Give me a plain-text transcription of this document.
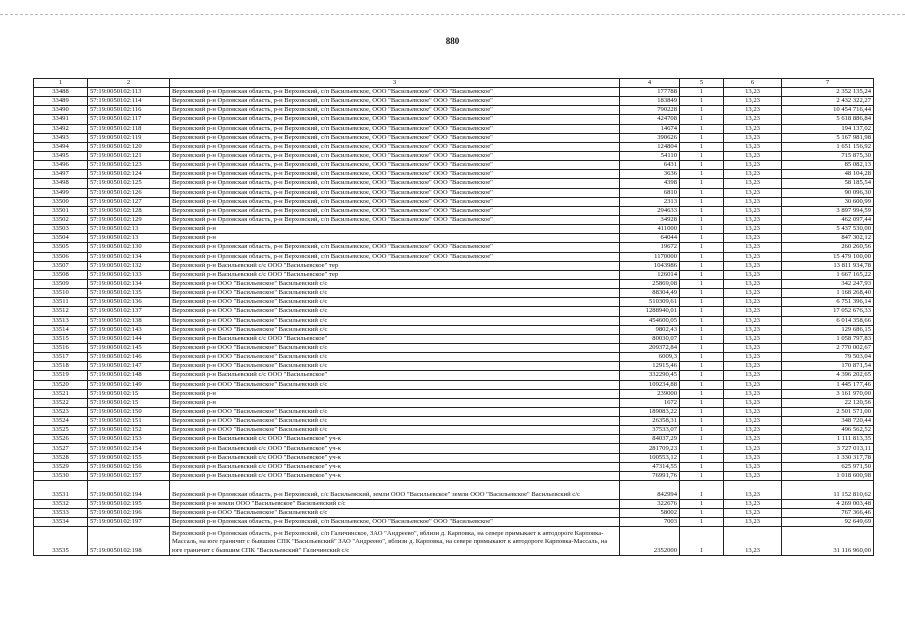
880
1	2	3	4	5	6	7
33488	57:19:0050102:113	Верховский р-н Орловская область, р-н Верховский, с/п Васильевское, ООО "Васильевское" ООО "Васильевское"	177788	1	13,23	2 352 135,24
33489	57:19:0050102:114	Верховский р-н Орловская область, р-н Верховский, с/п Васильевское, ООО "Васильевское" ООО "Васильевское"	183849	1	13,23	2 432 322,27
33490	57:19:0050102:116	Верховский р-н Орловская область, р-н Верховский, с/п Васильевское, ООО "Васильевское" ООО "Васильевское"	790228	1	13,23	10 454 716,44
33491	57:19:0050102:117	Верховский р-н Орловская область, р-н Верховский, с/п Васильевское, ООО "Васильевское" ООО "Васильевское"	424708	1	13,23	5 618 886,84
33492	57:19:0050102:118	Верховский р-н Орловская область, р-н Верховский, с/п Васильевское, ООО "Васильевское" ООО "Васильевское"	14674	1	13,23	194 137,02
33493	57:19:0050102:119	Верховский р-н Орловская область, р-н Верховский, с/п Васильевское, ООО "Васильевское" ООО "Васильевское"	390626	1	13,23	5 167 981,98
33494	57:19:0050102:120	Верховский р-н Орловская область, р-н Верховский, с/п Васильевское, ООО "Васильевское" ООО "Васильевское"	124804	1	13,23	1 651 156,92
33495	57:19:0050102:121	Верховский р-н Орловская область, р-н Верховский, с/п Васильевское, ООО "Васильевское" ООО "Васильевское"	54110	1	13,23	715 875,30
33496	57:19:0050102:123	Верховский р-н Орловская область, р-н Верховский, с/п Васильевское, ООО "Васильевское" ООО "Васильевское"	6431	1	13,23	85 082,13
33497	57:19:0050102:124	Верховский р-н Орловская область, р-н Верховский, с/п Васильевское, ООО "Васильевское" ООО "Васильевское"	3636	1	13,23	48 104,28
33498	57:19:0050102:125	Верховский р-н Орловская область, р-н Верховский, с/п Васильевское, ООО "Васильевское" ООО "Васильевское"	4398	1	13,23	58 185,54
33499	57:19:0050102:126	Верховский р-н Орловская область, р-н Верховский, с/п Васильевское, ООО "Васильевское" ООО "Васильевское"	6810	1	13,23	90 096,30
33500	57:19:0050102:127	Верховский р-н Орловская область, р-н Верховский, с/п Васильевское, ООО "Васильевское" ООО "Васильевское"	2313	1	13,23	30 600,99
33501	57:19:0050102:128	Верховский р-н Орловская область, р-н Верховский, с/п Васильевское, ООО "Васильевское" ООО "Васильевское"	294633	1	13,23	3 897 994,59
33502	57:19:0050102:129	Верховский р-н Орловская область, р-н Верховский, с/п Васильевское, ООО "Васильевское" ООО "Васильевское"	34928	1	13,23	462 097,44
33503	57:19:0050102:13	Верховский р-н	411000	1	13,23	5 437 530,00
33504	57:19:0050102:13	Верховский р-н	64044	1	13,23	847 302,12
33505	57:19:0050102:130	Верховский р-н Орловская область, р-н Верховский, с/п Васильевское, ООО "Васильевское" ООО "Васильевское"	19672	1	13,23	260 260,56
33506	57:19:0050102:134	Верховский р-н Орловская область, р-н Верховский, с/п Васильевское, ООО "Васильевское" ООО "Васильевское"	1170000	1	13,23	15 479 100,00
33507	57:19:0050102:132	Верховский р-н Васильевский с/с ООО "Васильевское" тер	1043986	1	13,23	13 811 934,78
33508	57:19:0050102:133	Верховский р-н Васильевский с/с ООО "Васильевское" тер	126014	1	13,23	1 667 165,22
33509	57:19:0050102:134	Верховский р-н ООО "Васильевское" Васильевский с/с	25869,08	1	13,23	342 247,93
33510	57:19:0050102:135	Верховский р-н ООО "Васильевское" Васильевский с/с	88304,49	1	13,23	1 168 268,40
33511	57:19:0050102:136	Верховский р-н ООО "Васильевское" Васильевский с/с	510309,61	1	13,23	6 751 396,14
33512	57:19:0050102:137	Верховский р-н ООО "Васильевское" Васильевский с/с	1288940,01	1	13,23	17 052 676,33
33513	57:19:0050102:138	Верховский р-н ООО "Васильевское" Васильевский с/с	454600,05	1	13,23	6 014 358,66
33514	57:19:0050102:143	Верховский р-н ООО "Васильевское" Васильевский с/с	9802,43	1	13,23	129 686,15
33515	57:19:0050102:144	Верховский р-н Васильевский с/с ООО "Васильевское"	80030,07	1	13,23	1 058 797,83
33516	57:19:0050102:145	Верховский р-н ООО "Васильевское" Васильевский с/с	209372,84	1	13,23	2 770 002,67
33517	57:19:0050102:146	Верховский р-н ООО "Васильевское" Васильевский с/с	6009,3	1	13,23	79 503,04
33518	57:19:0050102:147	Верховский р-н ООО "Васильевское" Васильевский с/с	12915,46	1	13,23	170 871,54
33519	57:19:0050102:148	Верховский р-н Васильевский с/с ООО "Васильевское"	332290,45	1	13,23	4 396 202,65
33520	57:19:0050102:149	Верховский р-н ООО "Васильевское" Васильевский с/с	109234,88	1	13,23	1 445 177,46
33521	57:19:0050102:15	Верховский р-н	239000	1	13,23	3 161 970,00
33522	57:19:0050102:15	Верховский р-н	1672	1	13,23	22 120,56
33523	57:19:0050102:150	Верховский р-н ООО "Васильевское" Васильевский с/с	189083,22	1	13,23	2 501 571,00
33524	57:19:0050102:151	Верховский р-н ООО "Васильевское" Васильевский с/с	26358,31	1	13,23	348 720,44
33525	57:19:0050102:152	Верховский р-н ООО "Васильевское" Васильевский с/с	37533,07	1	13,23	496 562,52
33526	57:19:0050102:153	Верховский р-н Васильевский с/с ООО "Васильевское" уч-к	84037,29	1	13,23	1 111 813,35
33527	57:19:0050102:154	Верховский р-н Васильевский с/с ООО "Васильевское" уч-к	281709,23	1	13,23	3 727 013,11
33528	57:19:0050102:155	Верховский р-н Васильевский с/с ООО "Васильевское" уч-к	100553,12	1	13,23	1 330 317,78
33529	57:19:0050102:156	Верховский р-н Васильевский с/с ООО "Васильевское" уч-к	47314,55	1	13,23	625 971,50
33530	57:19:0050102:157	Верховский р-н Васильевский с/с ООО "Васильевское" уч-к	76991,76	1	13,23	1 018 600,98
33531	57:19:0050102:194	Верховский р-н Орловская область, р-н Верховский, с/с Васильевский, земли ООО "Васильевское" земли ООО "Васильевское" Васильевский с/с	842994	1	13,23	11 152 810,62
33532	57:19:0050102:195	Верховский р-н земли ООО "Васильевское" Васильевский с/с	322676	1	13,23	4 269 003,48
33533	57:19:0050102:196	Верховский р-н ООО "Васильевское" Васильевский с/с	58002	1	13,23	767 366,46
33534	57:19:0050102:197	Верховский р-н Орловская область, р-н Верховский, с/п Васильевское, ООО "Васильевское" ООО "Васильевское"	7003	1	13,23	92 649,69
33535	57:19:0050102:198	Верховский р-н Орловская область, р-н Верховский, с/п Галичинское, ЗАО "Андреево", вблизи д. Карповка, на севере примыкает к автодороге Карповка-Массаль, на юге граничит с бывшим СПК "Васильевский" ЗАО "Андреево", вблизи д. Карповка, на севере примыкают к автодороге Карповка-Массаль, на юге граничит с бывшим СПК "Васильевский" Галичинский с/с	2352000	1	13,23	31 116 960,00
